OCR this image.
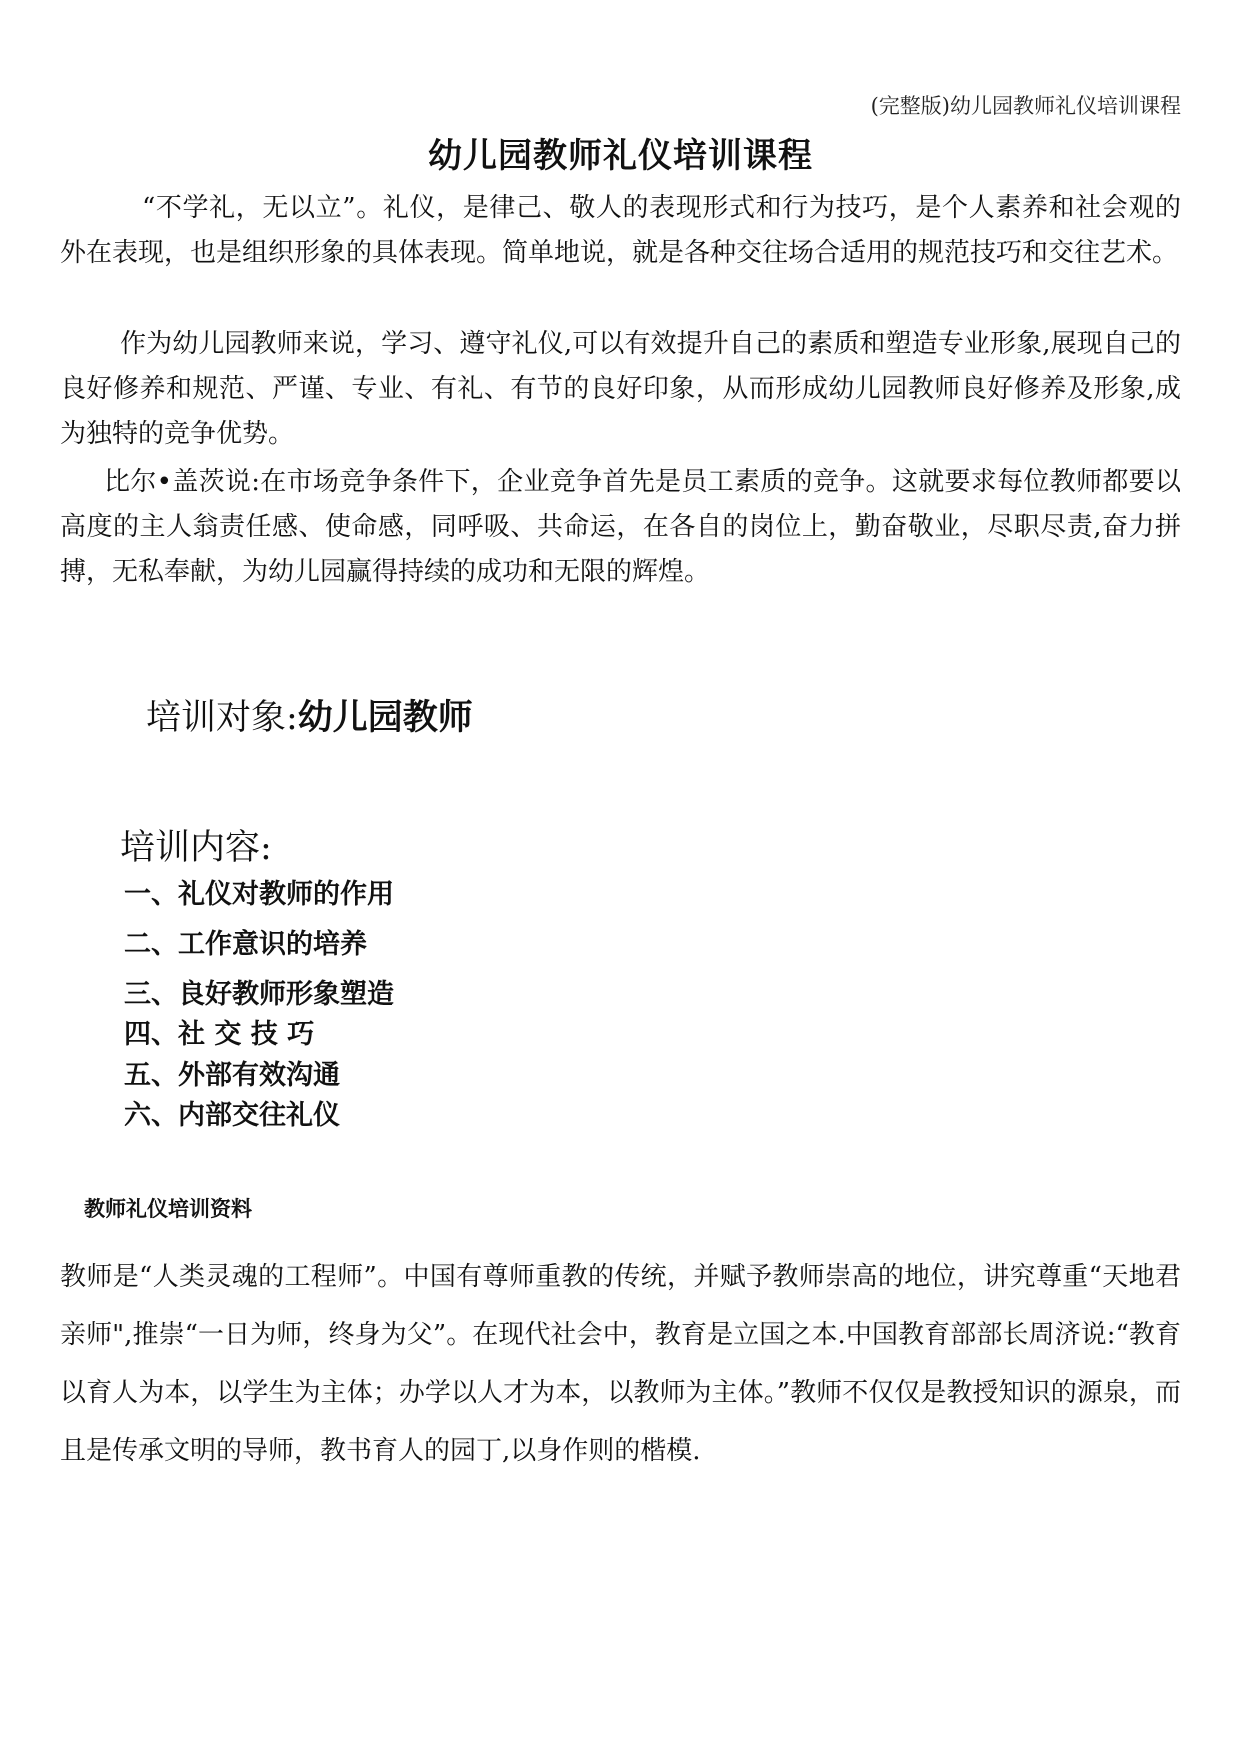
(完整版)幼儿园教师礼仪培训课程
幼儿园教师礼仪培训课程

“不学礼，无以立”。礼仪，是律己、敬人的表现形式和行为技巧，是个人素养和社会观的外在表现，也是组织形象的具体表现。简单地说，就是各种交往场合适用的规范技巧和交往艺术。

作为幼儿园教师来说，学习、遵守礼仪,可以有效提升自己的素质和塑造专业形象,展现自己的良好修养和规范、严谨、专业、有礼、有节的良好印象，从而形成幼儿园教师良好修养及形象,成为独特的竞争优势。

比尔•盖茨说:在市场竞争条件下，企业竞争首先是员工素质的竞争。这就要求每位教师都要以高度的主人翁责任感、使命感，同呼吸、共命运，在各自的岗位上，勤奋敬业，尽职尽责,奋力拼搏，无私奉献，为幼儿园赢得持续的成功和无限的辉煌。

培训对象:幼儿园教师
培训内容:
一、礼仪对教师的作用
二、工作意识的培养
三、良好教师形象塑造
四、社 交 技 巧
五、外部有效沟通
六、内部交往礼仪
教师礼仪培训资料

教师是“人类灵魂的工程师”。中国有尊师重教的传统，并赋予教师崇高的地位，讲究尊重“天地君亲师",推崇“一日为师，终身为父”。在现代社会中，教育是立国之本.中国教育部部长周济说:“教育以育人为本，以学生为主体；办学以人才为本，以教师为主体。”教师不仅仅是教授知识的源泉，而且是传承文明的导师，教书育人的园丁,以身作则的楷模.
